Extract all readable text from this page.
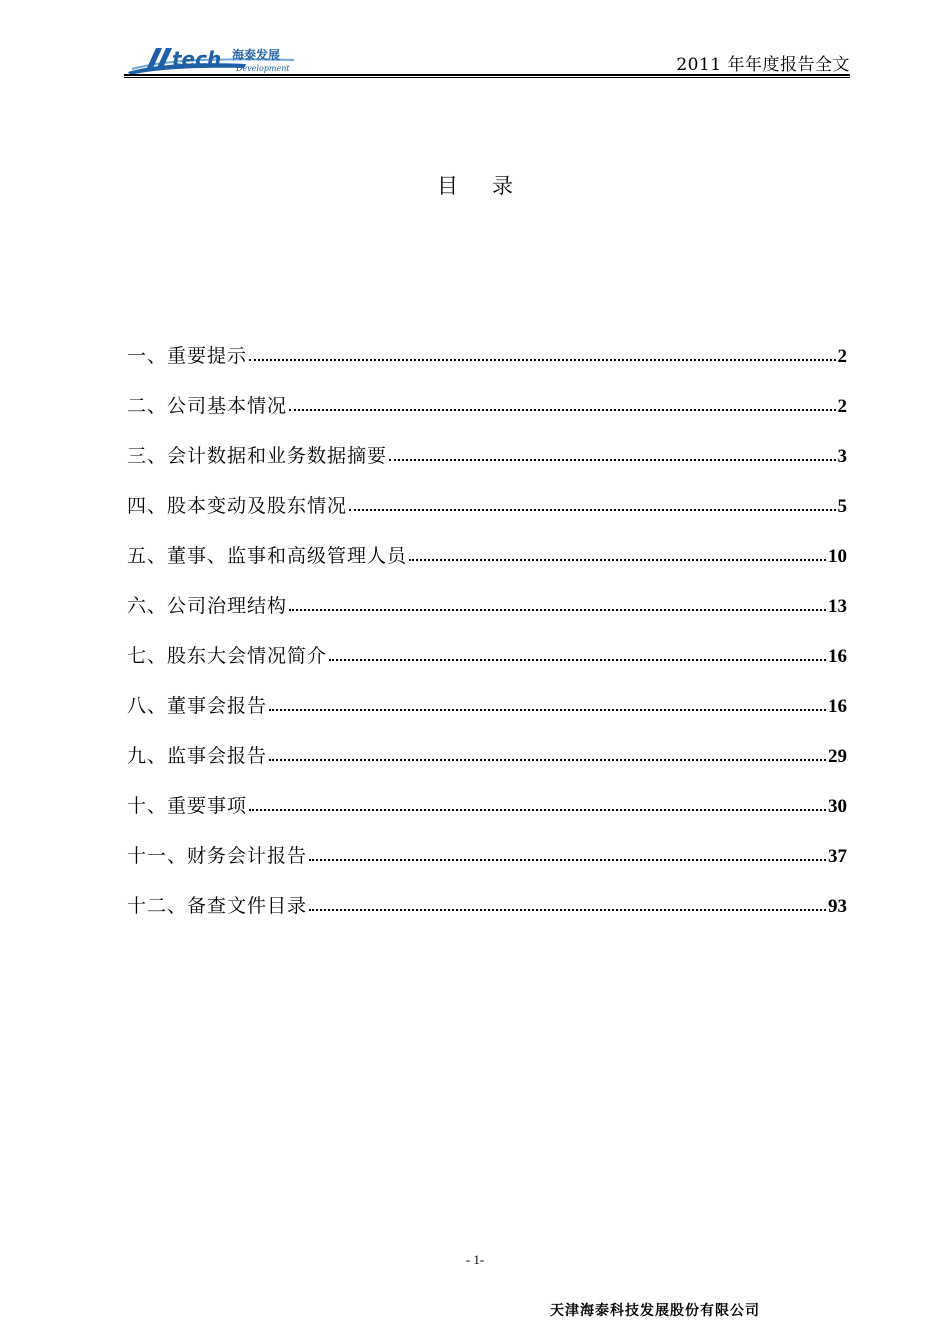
tech 海泰发展
Development	2011 年年度报告全文
目录
一、重要提示	2
二、公司基本情况	2
三、会计数据和业务数据摘要	3
四、股本变动及股东情况	5
五、董事、监事和高级管理人员	10
六、公司治理结构	13
七、股东大会情况简介	16
八、董事会报告	16
九、监事会报告	29
十、重要事项	30
十一、财务会计报告	37
十二、备查文件目录	93
- 1-
天津海泰科技发展股份有限公司
